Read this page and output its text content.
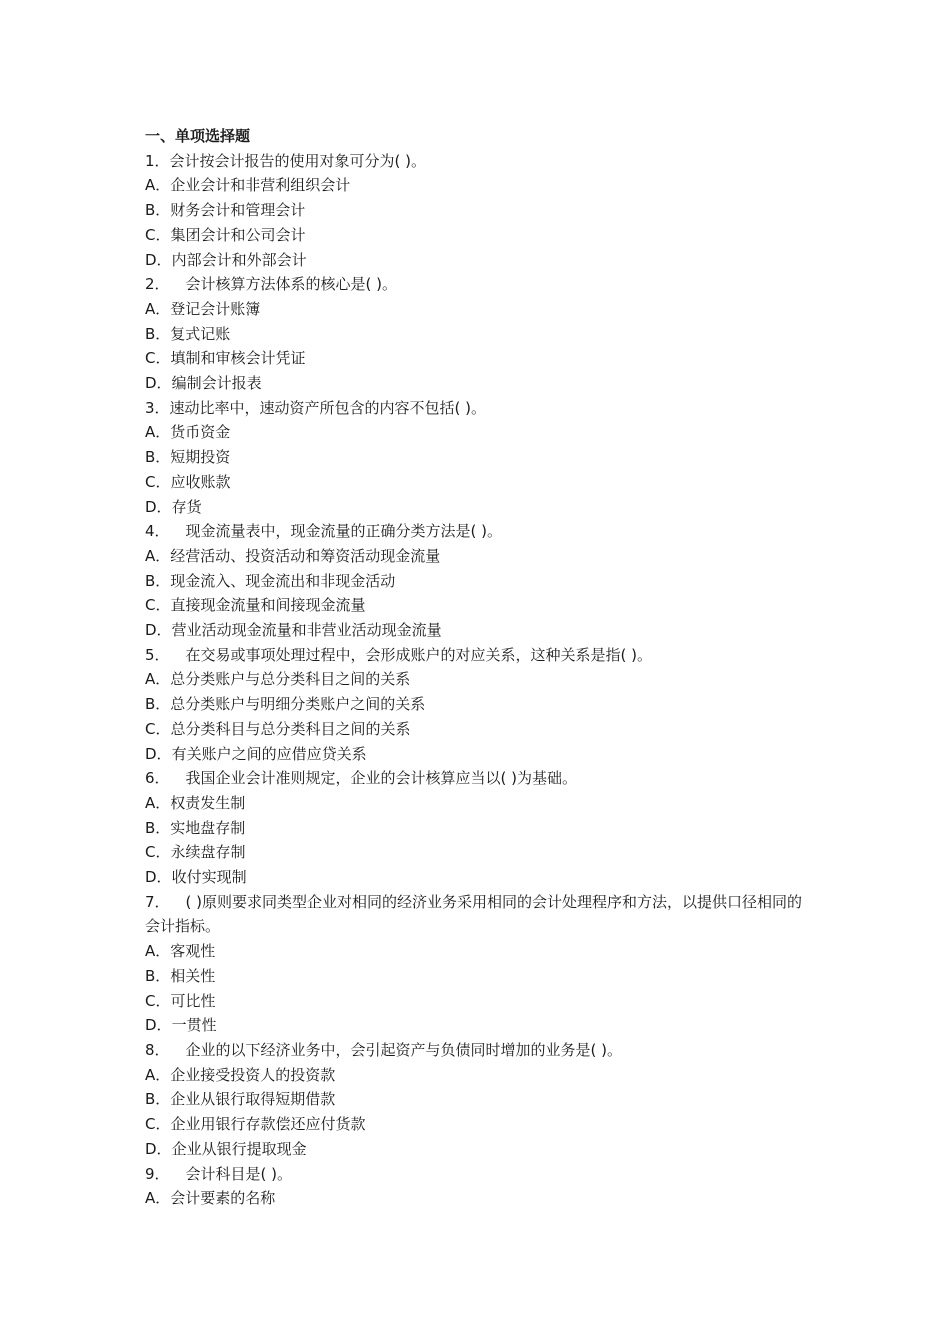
一、单项选择题
1．会计按会计报告的使用对象可分为( )。
A．企业会计和非营利组织会计
B．财务会计和管理会计
C．集团会计和公司会计
D．内部会计和外部会计
2． 会计核算方法体系的核心是( )。
A．登记会计账簿
B．复式记账
C．填制和审核会计凭证
D．编制会计报表
3．速动比率中，速动资产所包含的内容不包括( )。
A．货币资金
B．短期投资
C．应收账款
D．存货
4． 现金流量表中，现金流量的正确分类方法是( )。
A．经营活动、投资活动和筹资活动现金流量
B．现金流入、现金流出和非现金活动
C．直接现金流量和间接现金流量
D．营业活动现金流量和非营业活动现金流量
5． 在交易或事项处理过程中，会形成账户的对应关系，这种关系是指( )。
A．总分类账户与总分类科目之间的关系
B．总分类账户与明细分类账户之间的关系
C．总分类科目与总分类科目之间的关系
D．有关账户之间的应借应贷关系
6． 我国企业会计准则规定，企业的会计核算应当以( )为基础。
A．权责发生制
B．实地盘存制
C．永续盘存制
D．收付实现制
7． ( )原则要求同类型企业对相同的经济业务采用相同的会计处理程序和方法，以提供口径相同的会计指标。
A．客观性
B．相关性
C．可比性
D．一贯性
8． 企业的以下经济业务中，会引起资产与负债同时增加的业务是( )。
A．企业接受投资人的投资款
B．企业从银行取得短期借款
C．企业用银行存款偿还应付货款
D．企业从银行提取现金
9． 会计科目是( )。
A．会计要素的名称
